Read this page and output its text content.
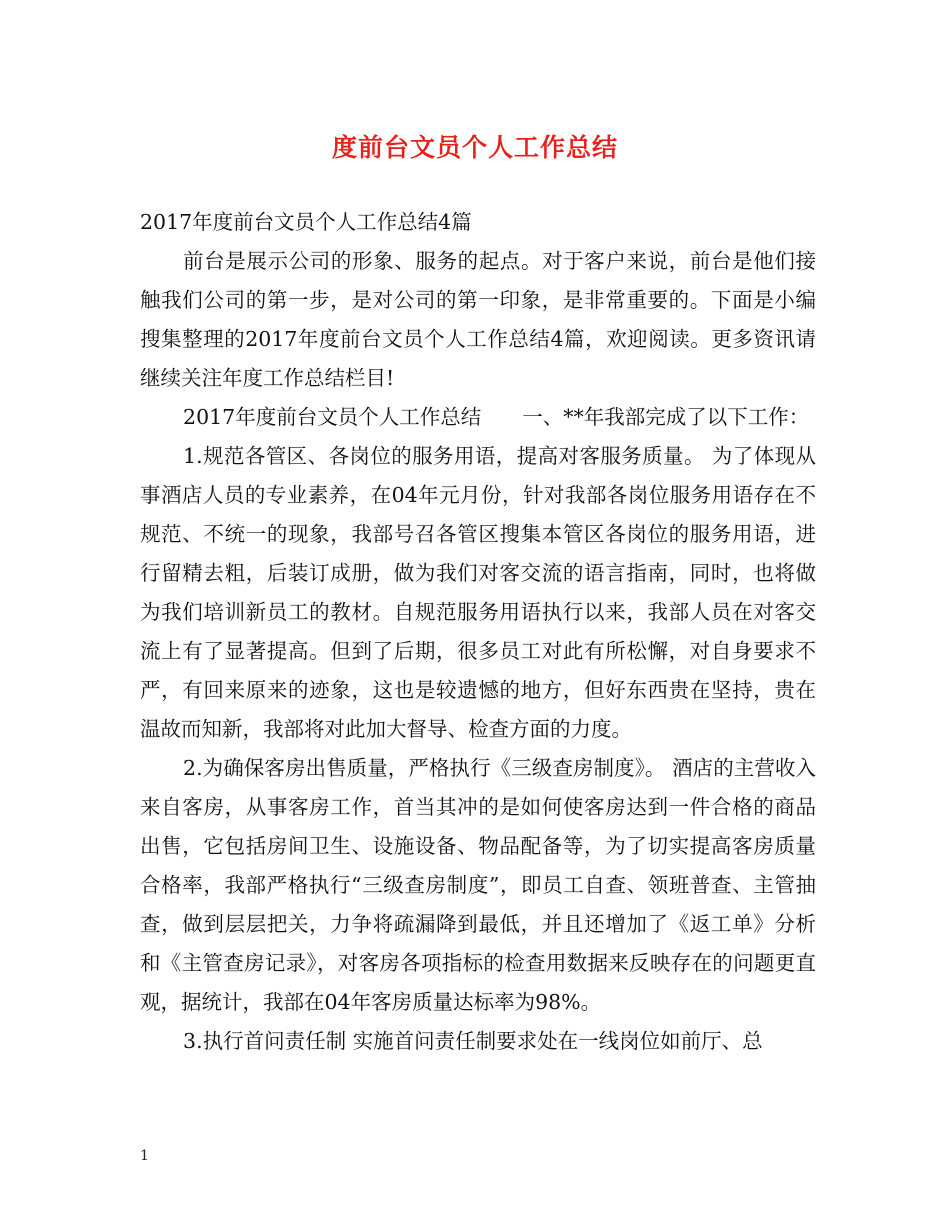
度前台文员个人工作总结

2017年度前台文员个人工作总结4篇

前台是展示公司的形象、服务的起点。对于客户来说，前台是他们接触我们公司的第一步，是对公司的第一印象，是非常重要的。下面是小编搜集整理的2017年度前台文员个人工作总结4篇，欢迎阅读。更多资讯请继续关注年度工作总结栏目!

2017年度前台文员个人工作总结　　一、**年我部完成了以下工作：

1.规范各管区、各岗位的服务用语，提高对客服务质量。 为了体现从事酒店人员的专业素养，在04年元月份，针对我部各岗位服务用语存在不规范、不统一的现象，我部号召各管区搜集本管区各岗位的服务用语，进行留精去粗，后装订成册，做为我们对客交流的语言指南，同时，也将做为我们培训新员工的教材。自规范服务用语执行以来，我部人员在对客交流上有了显著提高。但到了后期，很多员工对此有所松懈，对自身要求不严，有回来原来的迹象，这也是较遗憾的地方，但好东西贵在坚持，贵在温故而知新，我部将对此加大督导、检查方面的力度。

2.为确保客房出售质量，严格执行《三级查房制度》。 酒店的主营收入来自客房，从事客房工作，首当其冲的是如何使客房达到一件合格的商品出售，它包括房间卫生、设施设备、物品配备等，为了切实提高客房质量合格率，我部严格执行“三级查房制度”，即员工自查、领班普查、主管抽查，做到层层把关，力争将疏漏降到最低，并且还增加了《返工单》分析和《主管查房记录》，对客房各项指标的检查用数据来反映存在的问题更直观，据统计，我部在04年客房质量达标率为98%。

3.执行首问责任制 实施首问责任制要求处在一线岗位如前厅、总

1
